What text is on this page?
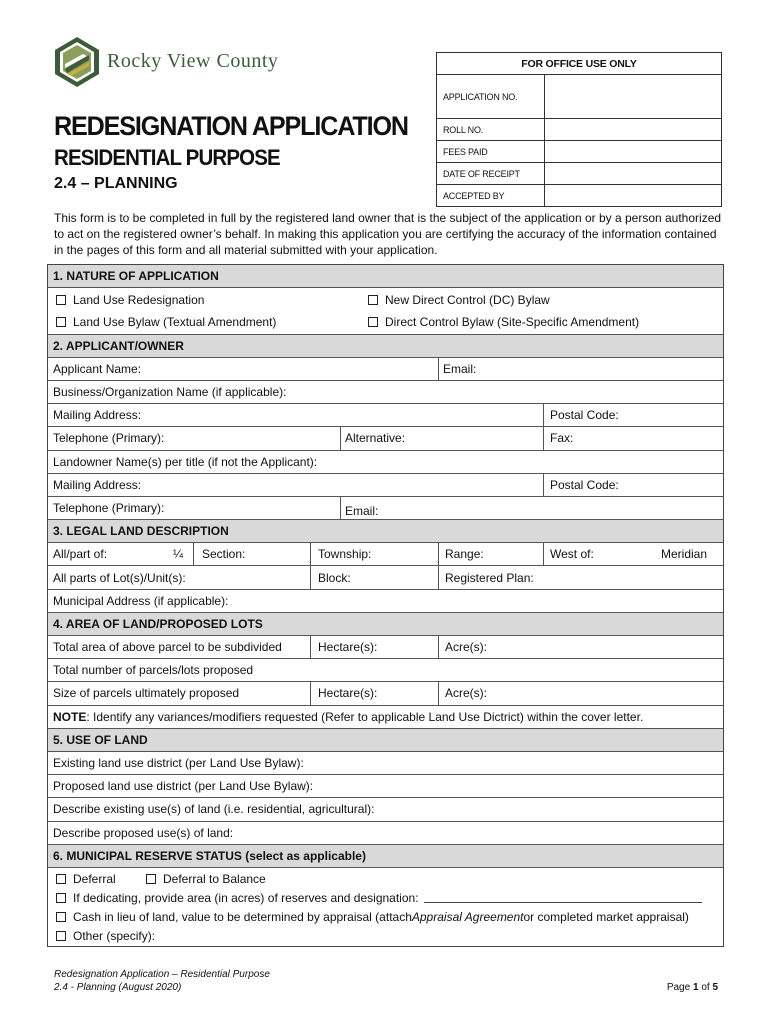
Rocky View County	FOR OFFICE USE ONLY	
APPLICATION NO.	
ROLL NO.	
FEES PAID	
DATE OF RECEIPT	
ACCEPTED BY	
REDESIGNATION APPLICATION
RESIDENTIAL PURPOSE
2.4 – PLANNING
This form is to be completed in full by the registered land owner that is the subject of the application or by a person authorized to act on the registered owner’s behalf. In making this application you are certifying the accuracy of the information contained in the pages of this form and all material submitted with your application.
1. NATURE OF APPLICATION
Land Use Redesignation	New Direct Control (DC) Bylaw
Land Use Bylaw (Textual Amendment)	Direct Control Bylaw (Site-Specific Amendment)
2. APPLICANT/OWNER
Applicant Name:	Email:
Business/Organization Name (if applicable):
Mailing Address:	Postal Code:
Telephone (Primary):	Alternative:	Fax:
Landowner Name(s) per title (if not the Applicant):
Mailing Address:	Postal Code:
Telephone (Primary):	Email:
3. LEGAL LAND DESCRIPTION
All/part of:	¼	Section:	Township:	Range:	West of:	Meridian
All parts of Lot(s)/Unit(s):	Block:	Registered Plan:
Municipal Address (if applicable):
4. AREA OF LAND/PROPOSED LOTS
Total area of above parcel to be subdivided	Hectare(s):	Acre(s):
Total number of parcels/lots proposed
Size of parcels ultimately proposed	Hectare(s):	Acre(s):
NOTE : Identify any variances/modifiers requested (Refer to applicable Land Use Dictrict) within the cover letter.
5. USE OF LAND
Existing land use district (per Land Use Bylaw):
Proposed land use district (per Land Use Bylaw):
Describe existing use(s) of land (i.e. residential, agricultural):
Describe proposed use(s) of land:
6. MUNICIPAL RESERVE STATUS (select as applicable)
Deferral	Deferral to Balance
If dedicating, provide area (in acres) of reserves and designation:
Cash in lieu of land, value to be determined by appraisal (attach Appraisal Agreement or completed market appraisal)
Other (specify):
Redesignation Application – Residential Purpose
2.4 - Planning (August 2020)	Page 1 of 5
